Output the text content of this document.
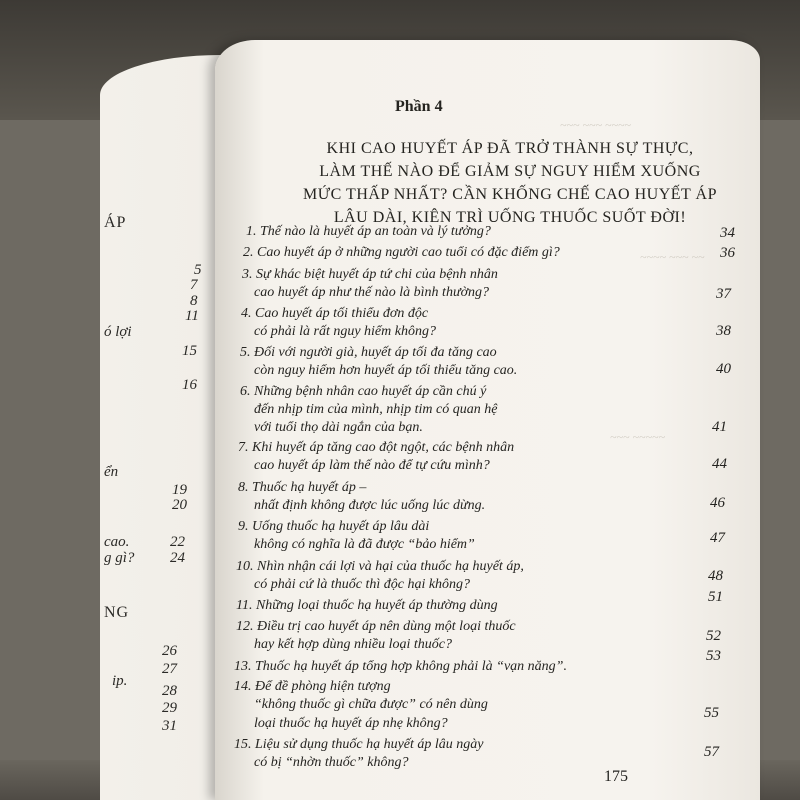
ÁP
NG
ó lợi
ển
cao.
g gì?
ip.
5
7
8
11
15
16
19
20
22
24
26
27
28
29
31
~~~ ~~~ ~~~~
~~~~ ~~~ ~~
~~~ ~~~~~
Phần 4
KHI CAO HUYẾT ÁP ĐÃ TRỞ THÀNH SỰ THỰC,
LÀM THẾ NÀO ĐỂ GIẢM SỰ NGUY HIỂM XUỐNG
MỨC THẤP NHẤT? CẦN KHỐNG CHẾ CAO HUYẾT ÁP
LÂU DÀI, KIÊN TRÌ UỐNG THUỐC SUỐT ĐỜI!
1. Thế nào là huyết áp an toàn và lý tưởng?
2. Cao huyết áp ở những người cao tuổi có đặc điểm gì?
3. Sự khác biệt huyết áp tứ chi của bệnh nhân
cao huyết áp như thế nào là bình thường?
4. Cao huyết áp tối thiểu đơn độc
có phải là rất nguy hiểm không?
5. Đối với người già, huyết áp tối đa tăng cao
còn nguy hiểm hơn huyết áp tối thiểu tăng cao.
6. Những bệnh nhân cao huyết áp cần chú ý
đến nhịp tim của mình, nhịp tim có quan hệ
với tuổi thọ dài ngắn của bạn.
7. Khi huyết áp tăng cao đột ngột, các bệnh nhân
cao huyết áp làm thế nào để tự cứu mình?
8. Thuốc hạ huyết áp –
nhất định không được lúc uống lúc dừng.
9. Uống thuốc hạ huyết áp lâu dài
không có nghĩa là đã được “bảo hiểm”
10. Nhìn nhận cái lợi và hại của thuốc hạ huyết áp,
có phải cứ là thuốc thì độc hại không?
11. Những loại thuốc hạ huyết áp thường dùng
12. Điều trị cao huyết áp nên dùng một loại thuốc
hay kết hợp dùng nhiều loại thuốc?
13. Thuốc hạ huyết áp tổng hợp không phải là “vạn năng”.
14. Để đề phòng hiện tượng
“không thuốc gì chữa được” có nên dùng
loại thuốc hạ huyết áp nhẹ không?
15. Liệu sử dụng thuốc hạ huyết áp lâu ngày
có bị “nhờn thuốc” không?
34
36
37
38
40
41
44
46
47
48
51
52
53
55
57
175
